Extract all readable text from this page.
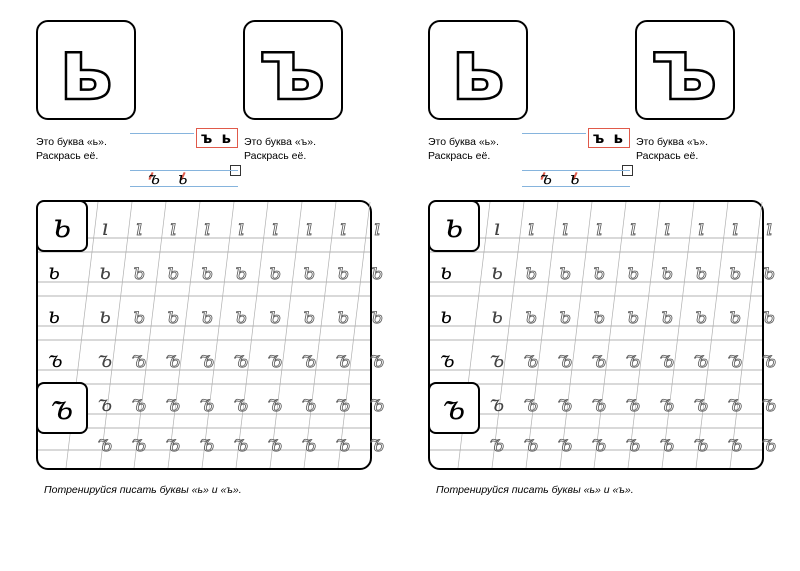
ь ъ
Это буква «ь».
Раскрась её.
ъ ь	Это буква «ъ».
Раскрась её.
ъ ь
ь
ъ
ı	ı	ı	ı	ı	ı	ı	ı	ı
ь	ь	ь	ь	ь	ь	ь	ь	ь	ь
ь	ь	ь	ь	ь	ь	ь	ь	ь	ь
ъ ъ ъ ъ ъ ъ ъ ъ ъ ъ
ъ ъ ъ ъ ъ ъ ъ ъ ъ
ъ ъ ъ ъ ъ ъ ъ ъ ъ
Потренируйся писать буквы «ь» и «ъ».
ь ъ
Это буква «ь».
Раскрась её.
ъ ь	Это буква «ъ».
Раскрась её.
ъ ь
ь
ъ
ı	ı	ı	ı	ı	ı	ı	ı	ı
ь	ь	ь	ь	ь	ь	ь	ь	ь	ь
ь	ь	ь	ь	ь	ь	ь	ь	ь	ь
ъ ъ ъ ъ ъ ъ ъ ъ ъ ъ
ъ ъ ъ ъ ъ ъ ъ ъ ъ
ъ ъ ъ ъ ъ ъ ъ ъ ъ
Потренируйся писать буквы «ь» и «ъ».
